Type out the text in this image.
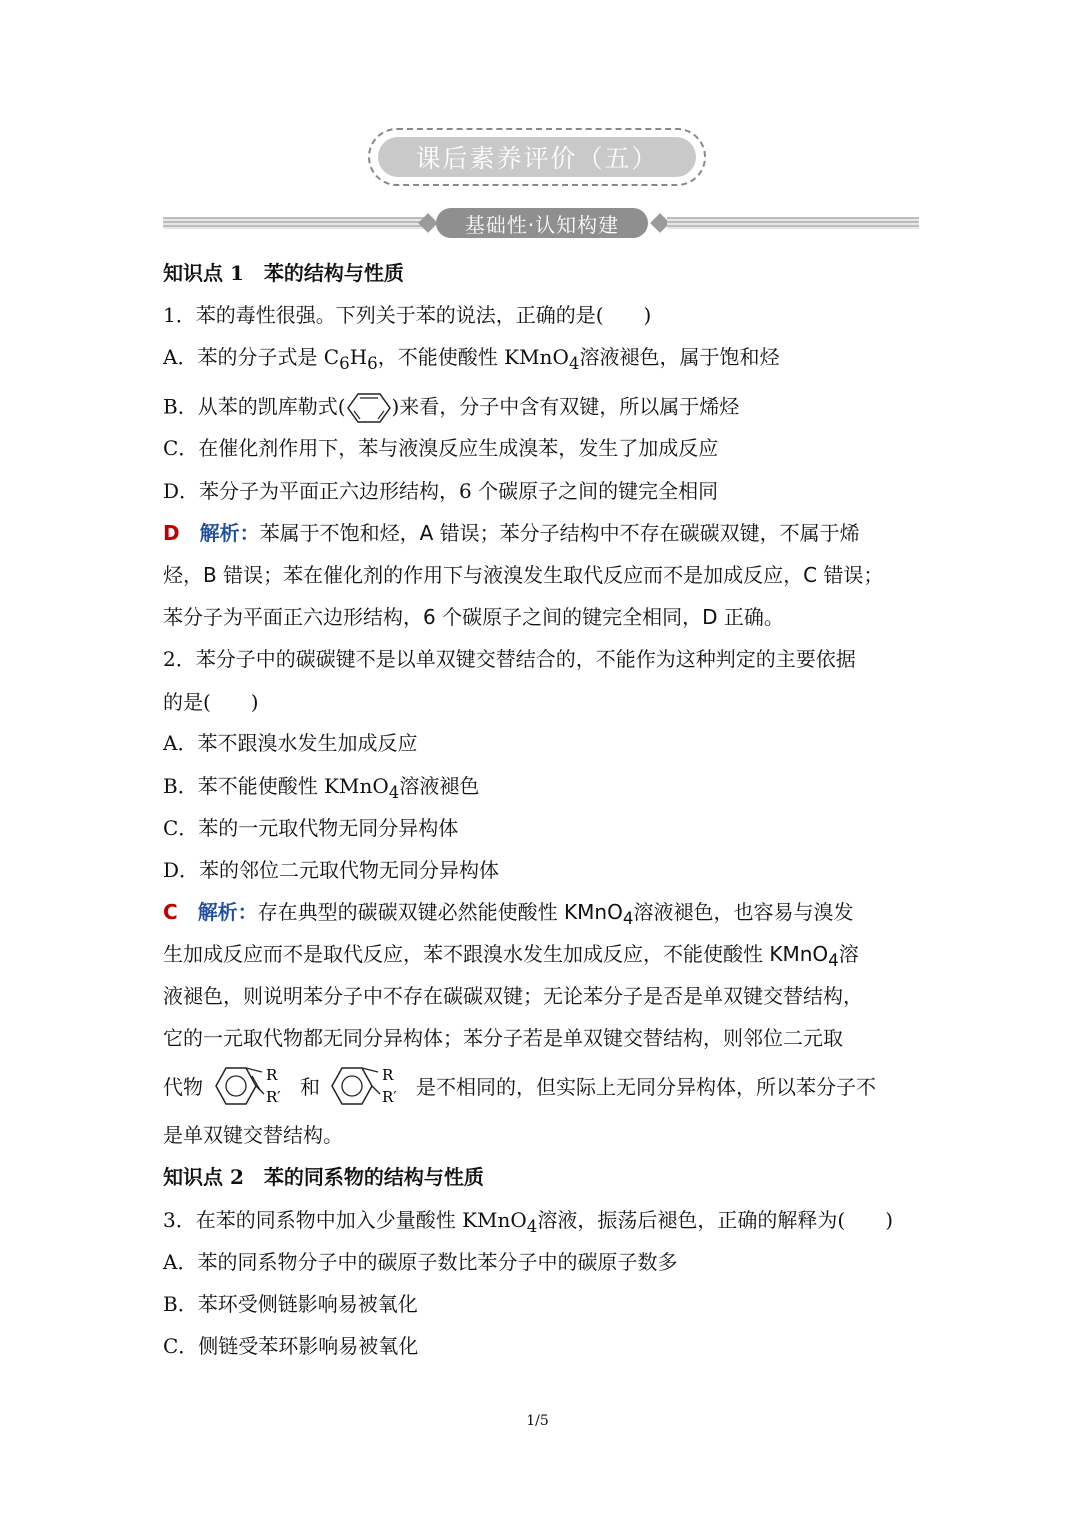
课后素养评价（五）
基础性·认知构建
知识点 1　苯的结构与性质
1．苯的毒性很强。下列关于苯的说法，正确的是(　　)
A．苯的分子式是 $C_6H_6$，不能使酸性 KMnO$_4$溶液褪色，属于饱和烃
B．从苯的凯库勒式( )来看，分子中含有双键，所以属于烯烃
C．在催化剂作用下，苯与液溴反应生成溴苯，发生了加成反应
D．苯分子为平面正六边形结构，6 个碳原子之间的键完全相同
D　 解析：苯属于不饱和烃，A 错误；苯分子结构中不存在碳碳双键，不属于烯
烃，B 错误；苯在催化剂的作用下与液溴发生取代反应而不是加成反应，C 错误；
苯分子为平面正六边形结构，6 个碳原子之间的键完全相同，D 正确。
2．苯分子中的碳碳键不是以单双键交替结合的，不能作为这种判定的主要依据
的是(　　)
A．苯不跟溴水发生加成反应
B．苯不能使酸性 KMnO$_4$溶液褪色
C．苯的一元取代物无同分异构体
D．苯的邻位二元取代物无同分异构体
C　 解析：存在典型的碳碳双键必然能使酸性 KMnO$_4$溶液褪色，也容易与溴发
生加成反应而不是取代反应，苯不跟溴水发生加成反应，不能使酸性 KMnO$_4$溶
液褪色，则说明苯分子中不存在碳碳双键；无论苯分子是否是单双键交替结构，
它的一元取代物都无同分异构体；苯分子若是单双键交替结构，则邻位二元取
代物	R
R′ 和	R
R′ 是不相同的，但实际上无同分异构体，所以苯分子不
是单双键交替结构。
知识点 2　苯的同系物的结构与性质
3．在苯的同系物中加入少量酸性 KMnO$_4$溶液，振荡后褪色，正确的解释为(　　)
A．苯的同系物分子中的碳原子数比苯分子中的碳原子数多
B．苯环受侧链影响易被氧化
C．侧链受苯环影响易被氧化
1/5
